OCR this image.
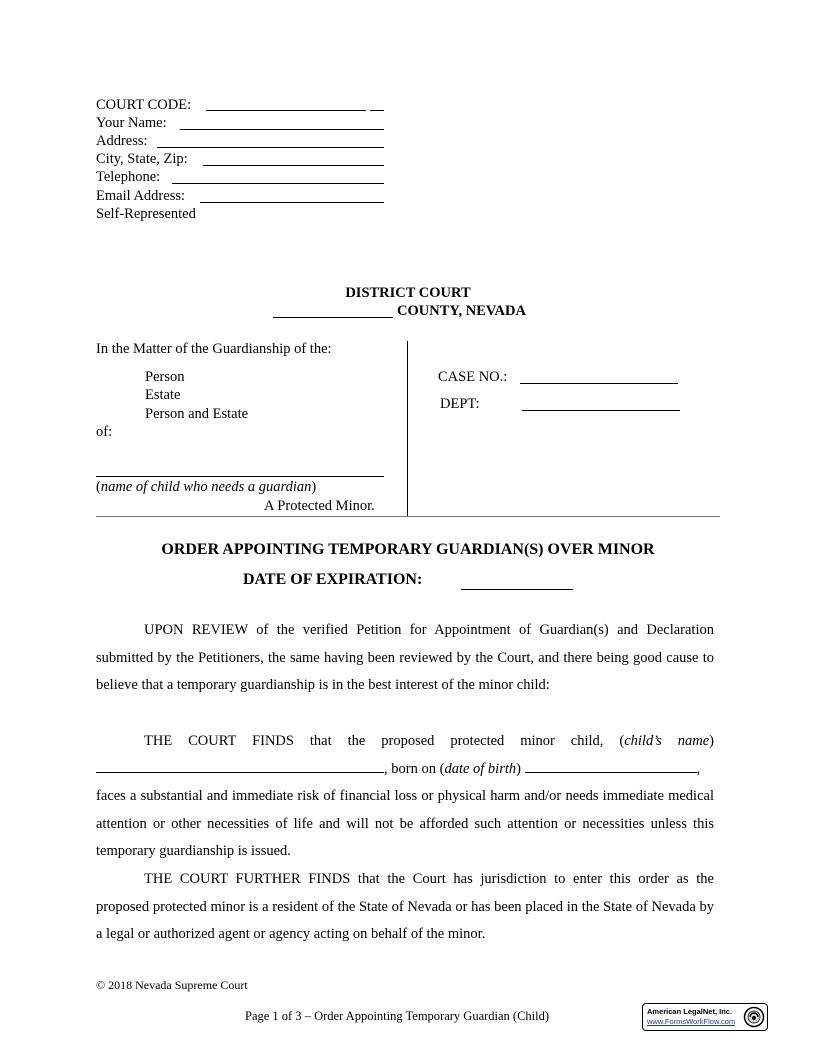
COURT CODE:
Your Name:
Address:
City, State, Zip:
Telephone:
Email Address:
Self-Represented
DISTRICT COURT
COUNTY, NEVADA
In the Matter of the Guardianship of the:
Person
Estate
Person and Estate
of:
(name of child who needs a guardian)
A Protected Minor.
CASE NO.:
DEPT:
ORDER APPOINTING TEMPORARY GUARDIAN(S) OVER MINOR
DATE OF EXPIRATION:
UPON REVIEW of the verified Petition for Appointment of Guardian(s) and Declaration submitted by the Petitioners, the same having been reviewed by the Court, and there being good cause to believe that a temporary guardianship is in the best interest of the minor child:
THE COURT FINDS that the proposed protected minor child, (child’s name)
, born on (date of birth)	,
faces a substantial and immediate risk of financial loss or physical harm and/or needs immediate medical attention or other necessities of life and will not be afforded such attention or necessities unless this temporary guardianship is issued.
THE COURT FURTHER FINDS that the Court has jurisdiction to enter this order as the proposed protected minor is a resident of the State of Nevada or has been placed in the State of Nevada by a legal or authorized agent or agency acting on behalf of the minor.
© 2018 Nevada Supreme Court
Page 1 of 3 – Order Appointing Temporary Guardian (Child)	American LegalNet, Inc.
www.FormsWorkFlow.com
